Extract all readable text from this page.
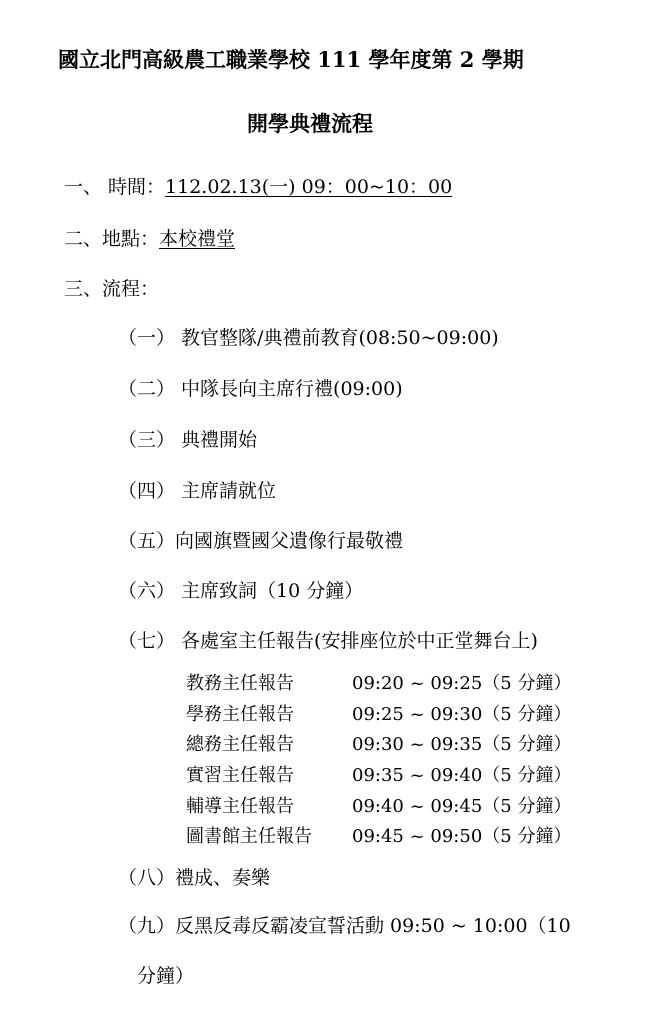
國立北門高級農工職業學校 111 學年度第 2 學期
開學典禮流程
一、 時間：112.02.13(一) 09：00~10：00
二、地點：本校禮堂
三、流程：
（一） 教官整隊/典禮前教育(08:50~09:00)
（二） 中隊長向主席行禮(09:00)
（三） 典禮開始
（四） 主席請就位
（五）向國旗暨國父遺像行最敬禮
（六） 主席致詞（10 分鐘）
（七） 各處室主任報告(安排座位於中正堂舞台上)
教務主任報告	09:20 ~ 09:25（5 分鐘）
學務主任報告	09:25 ~ 09:30（5 分鐘）
總務主任報告	09:30 ~ 09:35（5 分鐘）
實習主任報告	09:35 ~ 09:40（5 分鐘）
輔導主任報告	09:40 ~ 09:45（5 分鐘）
圖書館主任報告 09:45 ~ 09:50（5 分鐘）
（八）禮成、奏樂
（九）反黑反毒反霸凌宣誓活動 09:50 ~ 10:00（10
分鐘）
